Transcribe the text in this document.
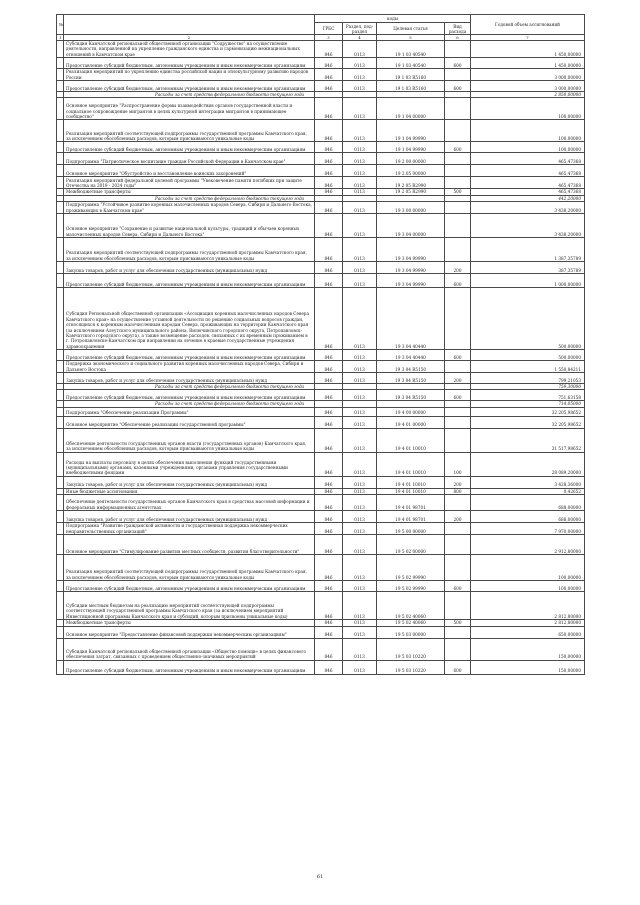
№		коды				Годовой объем ассигнований
		ГРБС	Раздел, под-раздел	Целевая статья	Вид расхода	
1	2	3	4	5	6	7
	Субсидия Камчатской региональной общественной организации "Содружество" на осуществление деятельности, направленной на укрепление гражданского единства и гармонизацию межнациональных отношений в Камчатском крае	846	0113	19 1 03 40540		1 450,00000
	Предоставление субсидий бюджетным, автономным учреждениям и иным некоммерческим организациям	846	0113	19 1 03 40540	600	1 450,00000
	Реализация мероприятий по укреплению единства российской нации и этнокультурному развитию народов России	846	0113	19 1 03 R5160		3 000,00000
	Предоставление субсидий бюджетным, автономным учреждениям и иным некоммерческим организациям	846	0113	19 1 03 R5160	600	3 000,00000
	Расходы за счет средств федерального бюджета текущего года					2 850,00000
	Основное мероприятие "Распространение формы взаимодействия органов государственной власти и социальное сопровождение мигрантов в целях культурной интеграции мигрантов в принимающее сообщество"	846	0113	19 1 04 00000		100,00000
	Реализация мероприятий соответствующей подпрограммы государственной программы Камчатского края, за исключением обособленных расходов, которым присваиваются уникальные коды	846	0113	19 1 04 99990		100,00000
	Предоставление субсидий бюджетным, автономным учреждениям и иным некоммерческим организациям	846	0113	19 1 04 99990	600	100,00000
	Подпрограмма "Патриотическое воспитание граждан Российской Федерации в Камчатском крае"	846	0113	19 2 00 00000		465,47368
	Основное мероприятие "Обустройство и восстановление воинских захоронений"	846	0113	19 2 05 00000		465,47368
	Реализация мероприятий федеральной целевой программы "Увековечение памяти погибших при защите Отечества на 2019 - 2024 годы"	846	0113	19 2 05 R2990		465,47368
	Межбюджетные трансферты	846	0113	19 2 05 R2990	500	465,47368
	Расходы за счет средств федерального бюджета текущего года					442,20000
	Подпрограмма "Устойчивое развитие коренных малочисленных народов Севера, Сибири и Дальнего Востока, проживающих в Камчатском крае"	846	0113	19 3 00 00000		3 438,20000
	Основное мероприятие "Сохранение и развитие национальной культуры, традиций и обычаев коренных малочисленных народов Севера, Сибири и Дальнего Востока"	846	0113	19 3 04 00000		3 438,20000
	Реализация мероприятий соответствующей подпрограммы государственной программы Камчатского края, за исключением обособленных расходов, которым присваиваются уникальные коды	846	0113	19 3 04 99990		1 387,35789
	Закупка товаров, работ и услуг для обеспечения государственных (муниципальных) нужд	846	0113	19 3 04 99990	200	387,35789
	Предоставление субсидий бюджетным, автономным учреждениям и иным некоммерческим организациям	846	0113	19 3 04 99990	600	1 000,00000
	Субсидия Региональной общественной организации «Ассоциация коренных малочисленных народов Севера Камчатского края» на осуществление уставной деятельности по решению социальных вопросов граждан, относящихся к коренным малочисленным народам Севера, проживающих на территории Камчатского края (за исключением Алеутского муниципального района, Вилючинского городского округа, Петропавловск-Камчатского городского округа), а также возмещение расходов, связанных с их временным проживанием в г. Петропавловске-Камчатском при направлении на лечение в краевые государственные учреждения здравоохранения	846	0113	19 3 04 40440		500,00000
	Предоставление субсидий бюджетным, автономным учреждениям и иным некоммерческим организациям	846	0113	19 3 04 40440	600	500,00000
	Поддержка экономического и социального развития коренных малочисленных народов Севера, Сибири и Дальнего Востока	846	0113	19 3 04 R5150		1 550,84211
	Закупка товаров, работ и услуг для обеспечения государственных (муниципальных) нужд	846	0113	19 3 04 R5150	200	799,21053
	Расходы за счет средств федерального бюджета текущего года					759,30000
	Предоставление субсидий бюджетным, автономным учреждениям и иным некоммерческим организациям	846	0113	19 3 04 R5150	600	751,63158
	Расходы за счет средств федерального бюджета текущего года					714,05000
	Подпрограмма "Обеспечение реализации Программы"	846	0113	19 4 00 00000		32 205,98652
	Основное мероприятие "Обеспечение реализации государственной программы"	846	0113	19 4 01 00000		32 205,98652
	Обеспечение деятельности государственных органов власти (государственных органов) Камчатского края, за исключением обособленных расходов, которым присваиваются уникальные коды	846	0113	19 4 01 10010		31 517,98652
	Расходы на выплаты персоналу в целях обеспечения выполнения функций государственными (муниципальными) органами, казенными учреждениями, органами управления государственными внебюджетными фондами	846	0113	19 4 01 10010	100	28 089,20000
	Закупка товаров, работ и услуг для обеспечения государственных (муниципальных) нужд	846	0113	19 4 01 10010	200	3 428,36000
	Иные бюджетные ассигнования	846	0113	19 4 01 10010	800	0,42652
	Обеспечение деятельности государственных органов Камчатского края в средствах массовой информации и федеральных информационных агентствах	846	0113	19 4 01 98701		688,00000
	Закупка товаров, работ и услуг для обеспечения государственных (муниципальных) нужд	846	0113	19 4 01 98701	200	688,00000
	Подпрограмма "Развитие гражданской активности и государственная поддержка некоммерческих неправительственных организаций"	846	0113	19 5 00 00000		7 970,00000
	Основное мероприятие "Стимулирование развития местных сообществ, развития благотворительности"	846	0113	19 5 02 00000		2 912,80000
	Реализация мероприятий соответствующей подпрограммы государственной программы Камчатского края, за исключением обособленных расходов, которым присваиваются уникальные коды	846	0113	19 5 02 99990		100,00000
	Предоставление субсидий бюджетным, автономным учреждениям и иным некоммерческим организациям	846	0113	19 5 02 99990	600	100,00000
	Субсидии местным бюджетам на реализацию мероприятий соответствующей подпрограммы соответствующей государственной программы Камчатского края (за исключением мероприятий Инвестиционной программы Камчатского края и субсидий, которым присвоены уникальные коды)	846	0113	19 5 02 40060		2 812,80000
	Межбюджетные трансферты	846	0113	19 5 02 40060	500	2 812,80000
	Основное мероприятие "Предоставление финансовой поддержки некоммерческим организациям"	846	0113	19 5 03 00000		650,00000
	Субсидия Камчатской региональной общественной организации «Общество помощи» в целях финансового обеспечения затрат, связанных с проведением общественно-значимых мероприятий	846	0113	19 5 03 10220		150,00000
	Предоставление субсидий бюджетным, автономным учреждениям и иным некоммерческим организациям	846	0113	19 5 03 10220	600	150,00000
61
